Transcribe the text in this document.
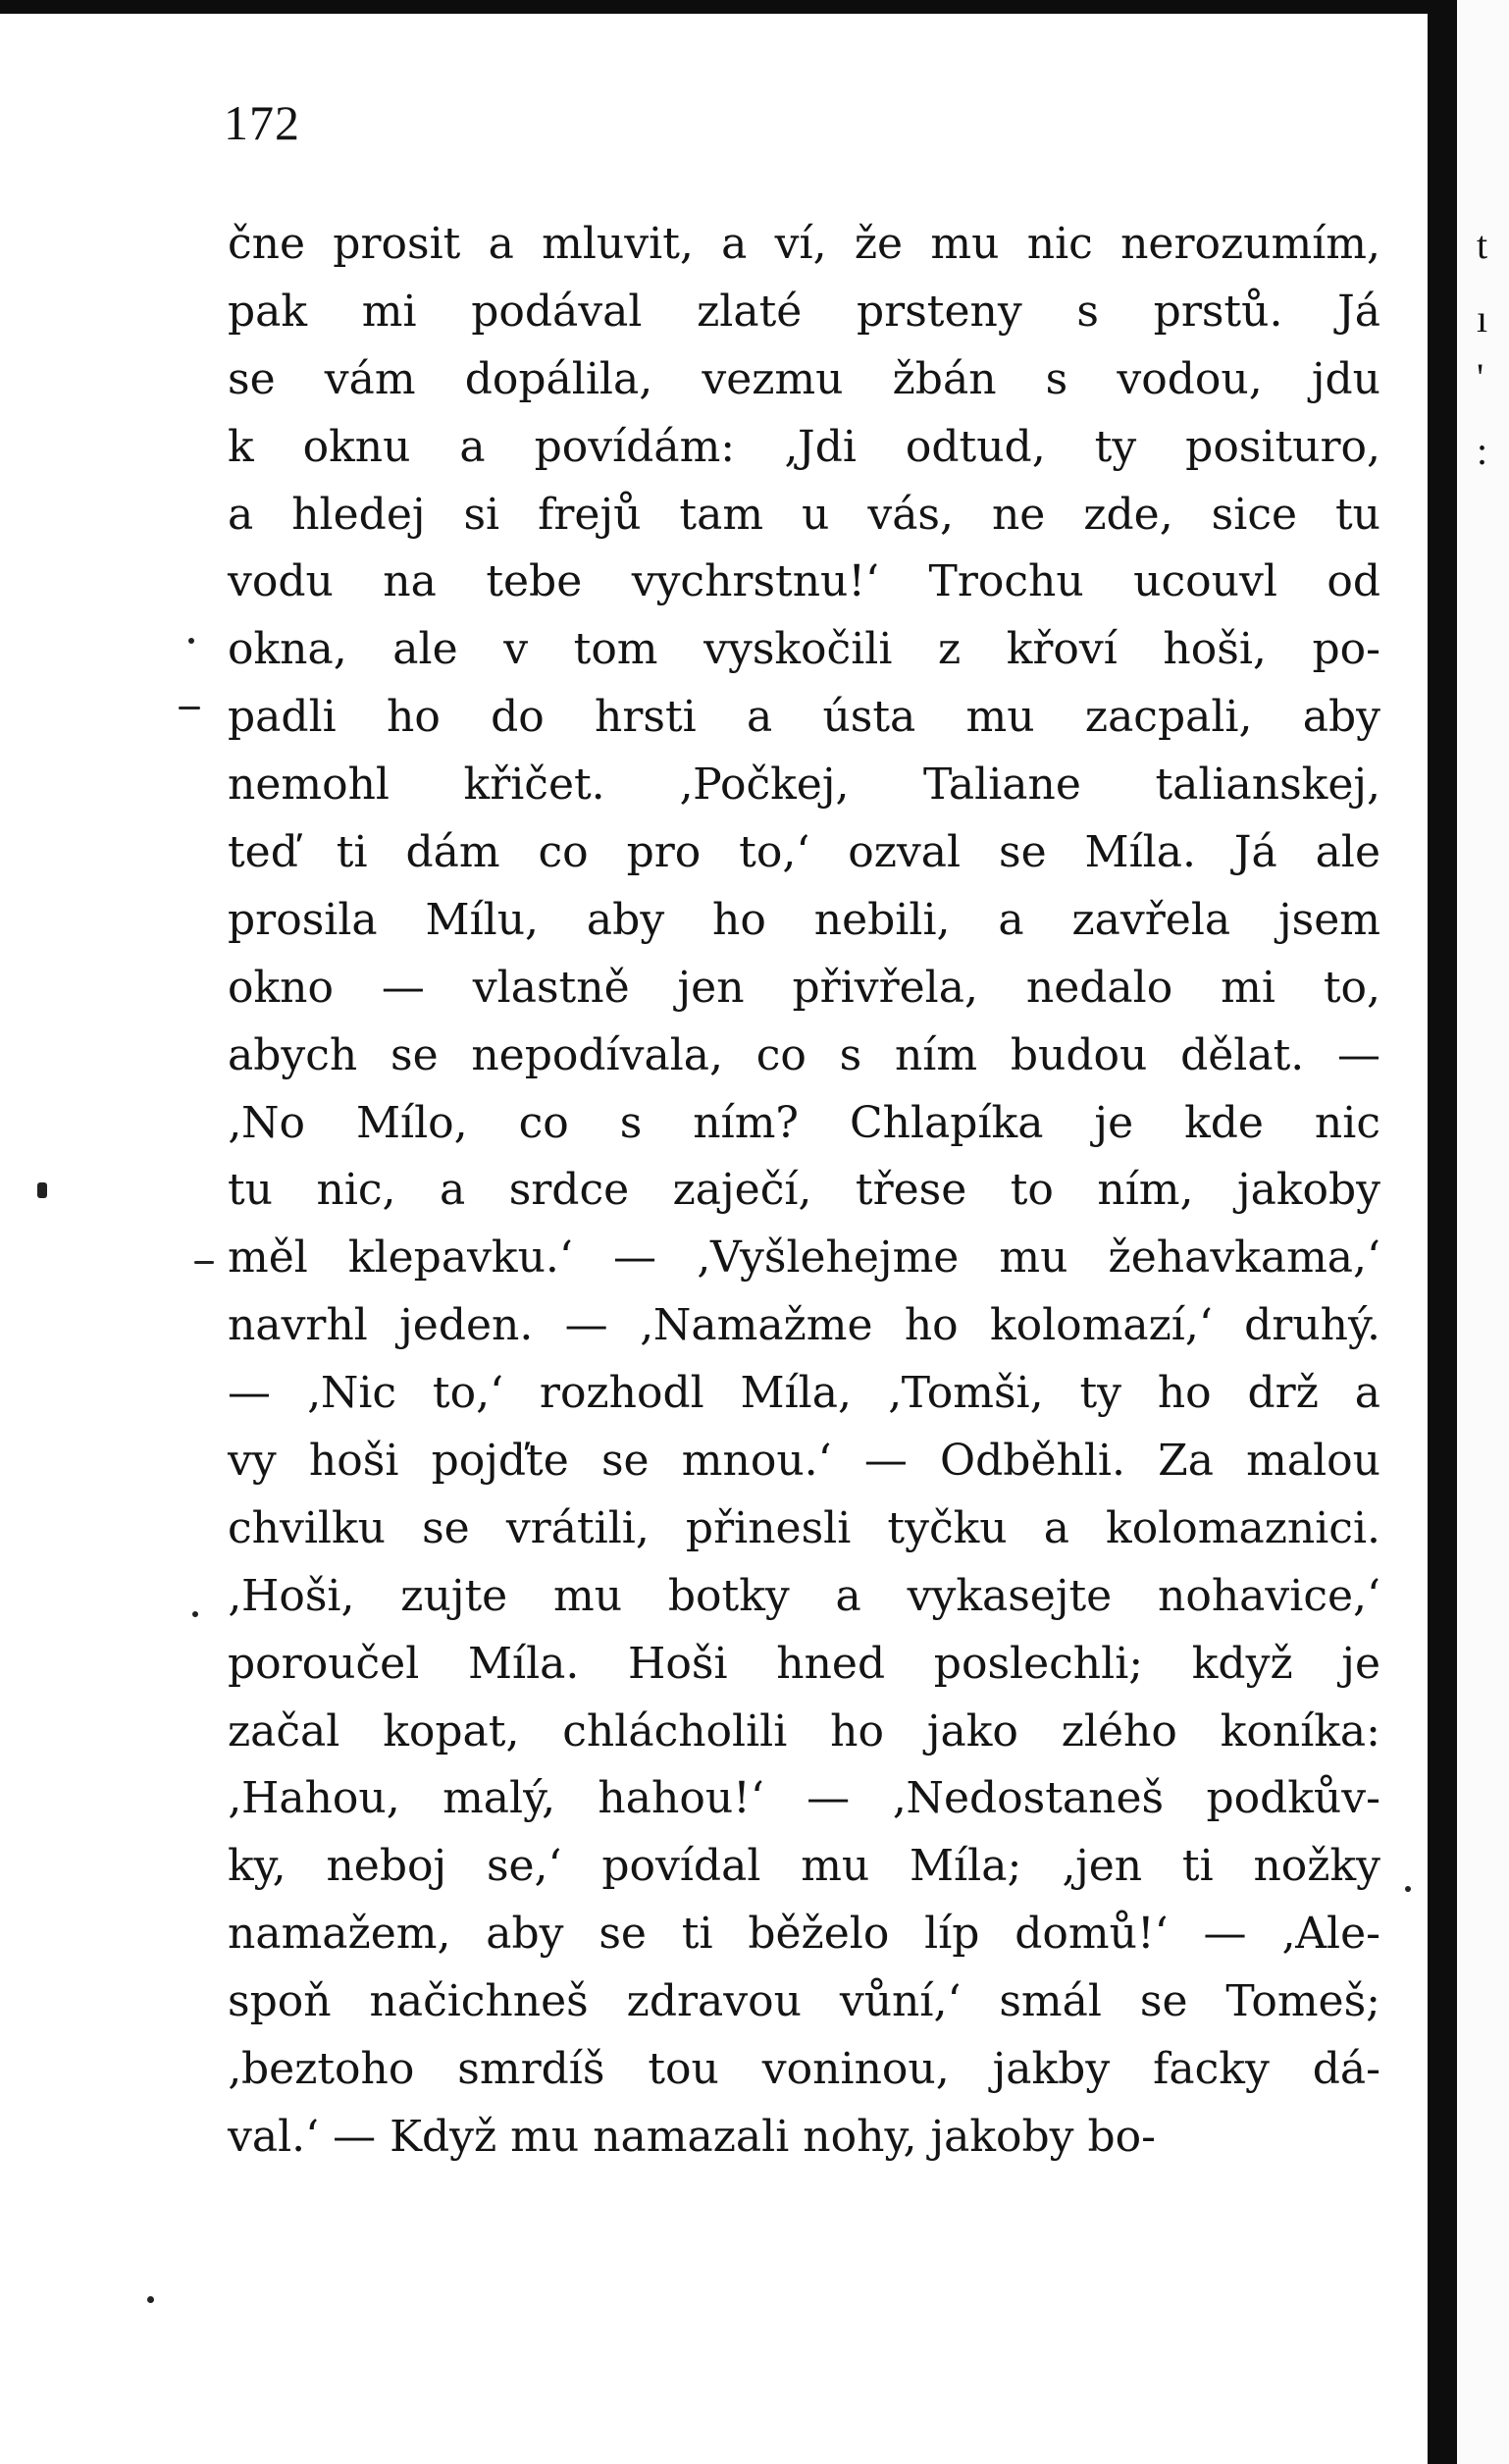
172
čne prosit a mluvit, a ví, že mu nic nerozumím,
pak mi podával zlaté prsteny s prstů. Já
se vám dopálila, vezmu žbán s vodou, jdu
k oknu a povídám: ‚Jdi odtud, ty posituro,
a hledej si frejů tam u vás, ne zde, sice tu
vodu na tebe vychrstnu!‘ Trochu ucouvl od
okna, ale v tom vyskočili z křoví hoši, po-
padli ho do hrsti a ústa mu zacpali, aby
nemohl křičet. ‚Počkej, Taliane talianskej,
teď ti dám co pro to,‘ ozval se Míla. Já ale
prosila Mílu, aby ho nebili, a zavřela jsem
okno — vlastně jen přivřela, nedalo mi to,
abych se nepodívala, co s ním budou dělat. —
‚No Mílo, co s ním? Chlapíka je kde nic
tu nic, a srdce zaječí, třese to ním, jakoby
měl klepavku.‘ — ‚Vyšlehejme mu žehavkama,‘
navrhl jeden. — ‚Namažme ho kolomazí,‘ druhý.
— ‚Nic to,‘ rozhodl Míla, ‚Tomši, ty ho drž a
vy hoši pojďte se mnou.‘ — Odběhli. Za malou
chvilku se vrátili, přinesli tyčku a kolomaznici.
‚Hoši, zujte mu botky a vykasejte nohavice,‘
poroučel Míla. Hoši hned poslechli; když je
začal kopat, chlácholili ho jako zlého koníka:
‚Hahou, malý, hahou!‘ — ‚Nedostaneš podkův-
ky, neboj se,‘ povídal mu Míla; ‚jen ti nožky
namažem, aby se ti běželo líp domů!‘ — ‚Ale-
spoň načichneš zdravou vůní,‘ smál se Tomeš;
‚beztoho smrdíš tou voninou, jakby facky dá-
val.‘ — Když mu namazali nohy, jakoby bo-
t
ı
'
:
